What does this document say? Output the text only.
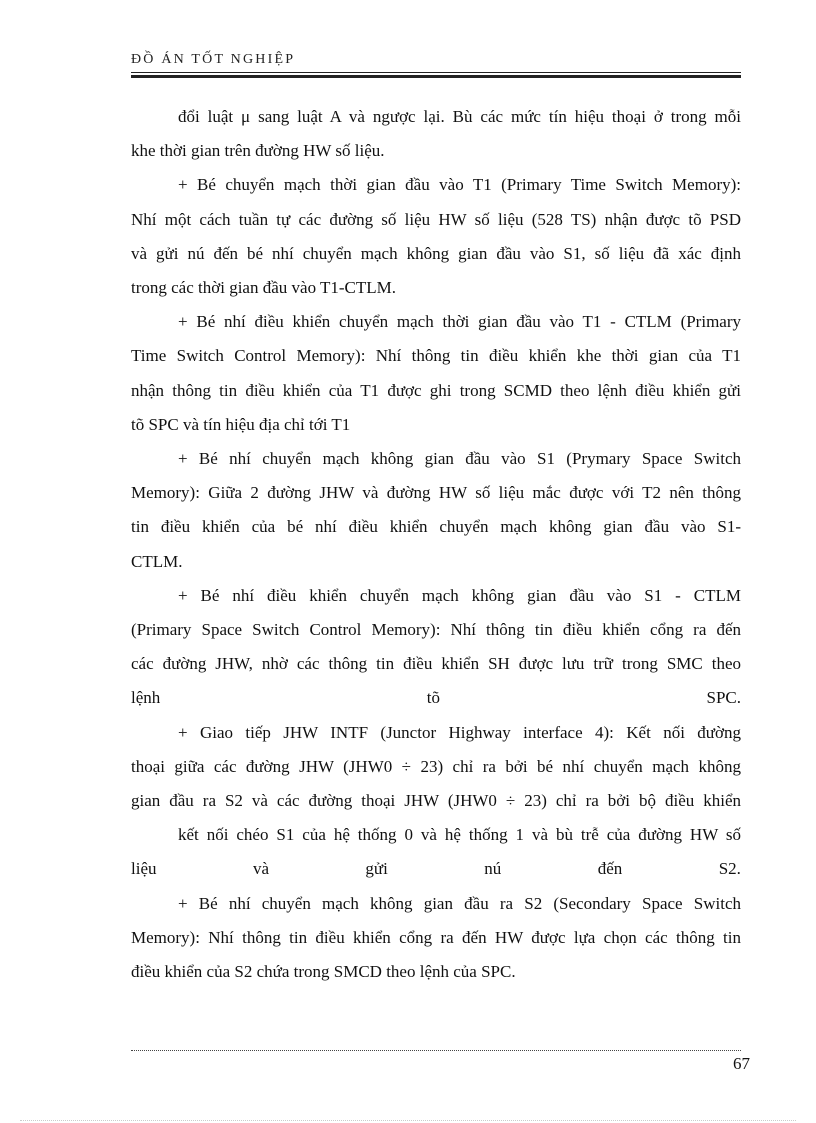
ĐỒ ÁN TỐT NGHIỆP
đổi luật μ sang luật A và ngược lại. Bù các mức tín hiệu thoại ở trong mỗi
khe thời gian trên đường HW số liệu.
+ Bé chuyển mạch thời gian đầu vào T1 (Primary Time Switch Memory):
Nhí một cách tuần tự các đường số liệu HW số liệu (528 TS) nhận được tõ PSD
và gửi nú đến bé nhí chuyển mạch không gian đầu vào S1, số liệu đã xác định
trong các thời gian đầu vào T1-CTLM.
+ Bé nhí điều khiển chuyển mạch thời gian đầu vào T1 - CTLM (Primary
Time Switch Control Memory): Nhí thông tin điều khiển khe thời gian của T1
nhận thông tin điều khiển của T1 được ghi trong SCMD theo lệnh điều khiển gửi
tõ SPC và tín hiệu địa chỉ tới T1
+ Bé nhí chuyển mạch không gian đầu vào S1 (Prymary Space Switch
Memory): Giữa 2 đường JHW và đường HW số liệu mắc được với T2 nên thông
tin điều khiển của bé nhí điều khiển chuyển mạch không gian đầu vào S1-
CTLM.
+ Bé nhí điều khiển chuyển mạch không gian đầu vào S1 - CTLM
(Primary Space Switch Control Memory): Nhí thông tin điều khiển cổng ra đến
các đường JHW, nhờ các thông tin điều khiển SH được lưu trữ trong SMC theo
lệnh	tõ	SPC.
+ Giao tiếp JHW INTF (Junctor Highway interface 4): Kết nối đường
thoại giữa các đường JHW (JHW0 ÷ 23) chỉ ra bởi bé nhí chuyển mạch không
gian đầu ra S2 và các đường thoại JHW (JHW0 ÷ 23) chỉ ra bởi bộ điều khiển
kết nối chéo S1 của hệ thống 0 và hệ thống 1 và bù trễ của đường HW số
liệu	và	gửi	nú	đến	S2.
+ Bé nhí chuyển mạch không gian đầu ra S2 (Secondary Space Switch
Memory): Nhí thông tin điều khiển cổng ra đến HW được lựa chọn các thông tin
điều khiển của S2 chứa trong SMCD theo lệnh của SPC.
67
